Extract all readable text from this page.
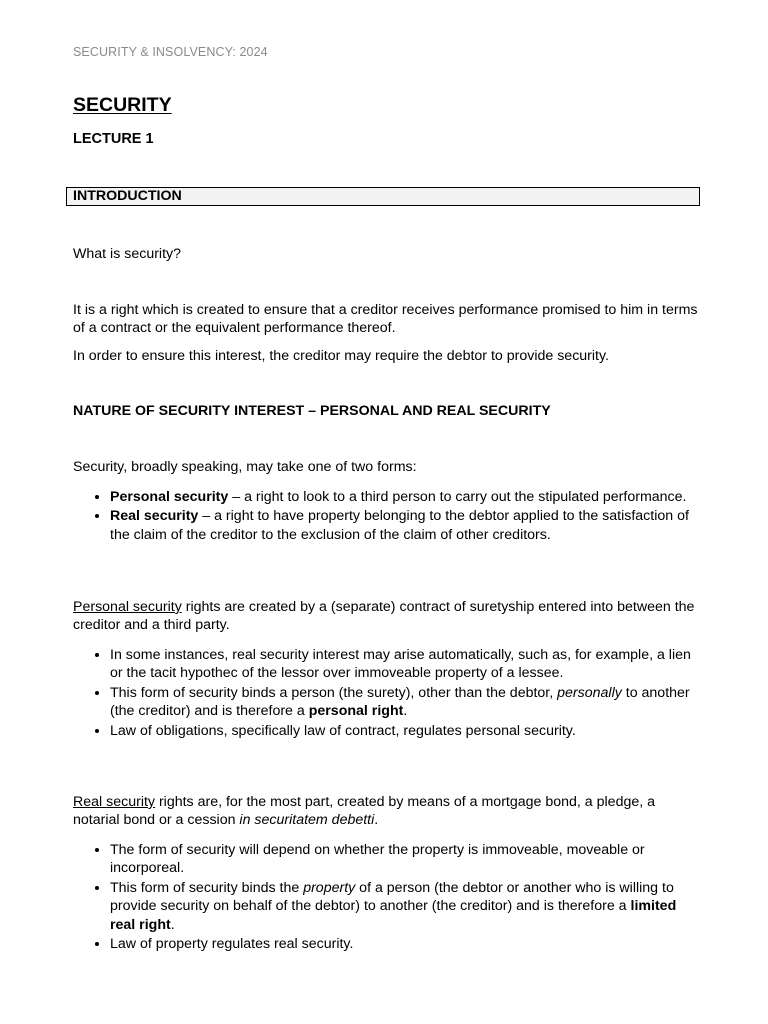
SECURITY & INSOLVENCY: 2024
SECURITY
LECTURE 1
INTRODUCTION
What is security?
It is a right which is created to ensure that a creditor receives performance promised to him in terms of a contract or the equivalent performance thereof.
In order to ensure this interest, the creditor may require the debtor to provide security.
NATURE OF SECURITY INTEREST – PERSONAL AND REAL SECURITY
Security, broadly speaking, may take one of two forms:
• Personal security – a right to look to a third person to carry out the stipulated performance.
• Real security – a right to have property belonging to the debtor applied to the satisfaction of the claim of the creditor to the exclusion of the claim of other creditors.
Personal security rights are created by a (separate) contract of suretyship entered into between the creditor and a third party.
• In some instances, real security interest may arise automatically, such as, for example, a lien or the tacit hypothec of the lessor over immoveable property of a lessee.
• This form of security binds a person (the surety), other than the debtor, personally to another (the creditor) and is therefore a personal right.
• Law of obligations, specifically law of contract, regulates personal security.
Real security rights are, for the most part, created by means of a mortgage bond, a pledge, a notarial bond or a cession in securitatem debetti.
• The form of security will depend on whether the property is immoveable, moveable or incorporeal.
• This form of security binds the property of a person (the debtor or another who is willing to provide security on behalf of the debtor) to another (the creditor) and is therefore a limited real right.
• Law of property regulates real security.
